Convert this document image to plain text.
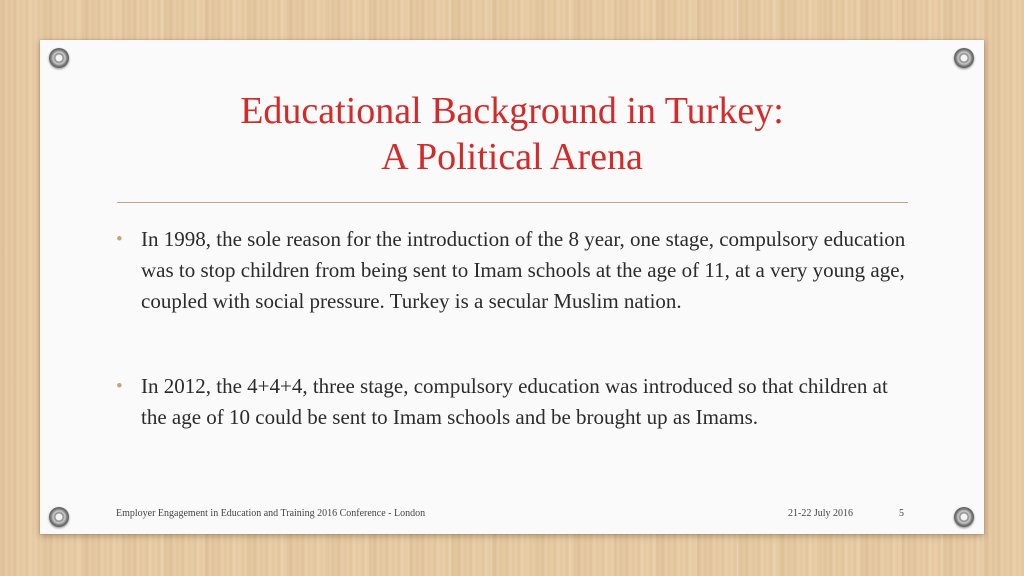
Educational Background in Turkey:
A Political Arena
• In 1998, the sole reason for the introduction of the 8 year, one stage, compulsory education was to stop children from being sent to Imam schools at the age of 11, at a very young age, coupled with social pressure. Turkey is a secular Muslim nation.
• In 2012, the 4+4+4, three stage, compulsory education was introduced so that children at the age of 10 could be sent to Imam schools and be brought up as Imams.
Employer Engagement in Education and Training 2016 Conference - London	21-22 July 2016	5
